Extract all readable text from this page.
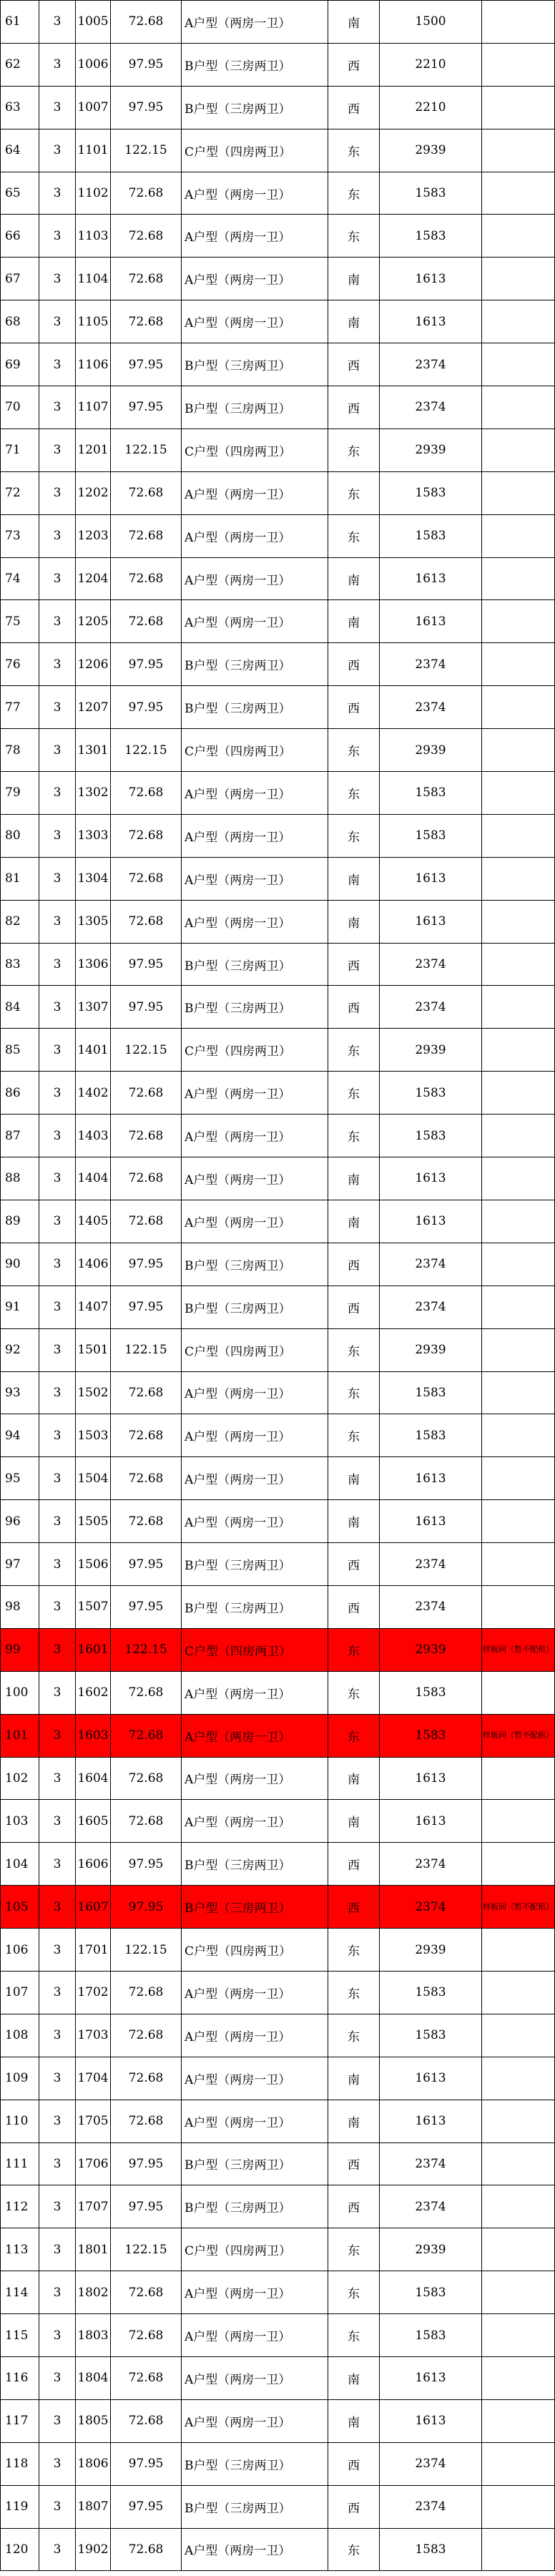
61	3	1005	72.68	A户型（两房一卫）	南	1500	
62	3	1006	97.95	B户型（三房两卫）	西	2210	
63	3	1007	97.95	B户型（三房两卫）	西	2210	
64	3	1101	122.15	C户型（四房两卫）	东	2939	
65	3	1102	72.68	A户型（两房一卫）	东	1583	
66	3	1103	72.68	A户型（两房一卫）	东	1583	
67	3	1104	72.68	A户型（两房一卫）	南	1613	
68	3	1105	72.68	A户型（两房一卫）	南	1613	
69	3	1106	97.95	B户型（三房两卫）	西	2374	
70	3	1107	97.95	B户型（三房两卫）	西	2374	
71	3	1201	122.15	C户型（四房两卫）	东	2939	
72	3	1202	72.68	A户型（两房一卫）	东	1583	
73	3	1203	72.68	A户型（两房一卫）	东	1583	
74	3	1204	72.68	A户型（两房一卫）	南	1613	
75	3	1205	72.68	A户型（两房一卫）	南	1613	
76	3	1206	97.95	B户型（三房两卫）	西	2374	
77	3	1207	97.95	B户型（三房两卫）	西	2374	
78	3	1301	122.15	C户型（四房两卫）	东	2939	
79	3	1302	72.68	A户型（两房一卫）	东	1583	
80	3	1303	72.68	A户型（两房一卫）	东	1583	
81	3	1304	72.68	A户型（两房一卫）	南	1613	
82	3	1305	72.68	A户型（两房一卫）	南	1613	
83	3	1306	97.95	B户型（三房两卫）	西	2374	
84	3	1307	97.95	B户型（三房两卫）	西	2374	
85	3	1401	122.15	C户型（四房两卫）	东	2939	
86	3	1402	72.68	A户型（两房一卫）	东	1583	
87	3	1403	72.68	A户型（两房一卫）	东	1583	
88	3	1404	72.68	A户型（两房一卫）	南	1613	
89	3	1405	72.68	A户型（两房一卫）	南	1613	
90	3	1406	97.95	B户型（三房两卫）	西	2374	
91	3	1407	97.95	B户型（三房两卫）	西	2374	
92	3	1501	122.15	C户型（四房两卫）	东	2939	
93	3	1502	72.68	A户型（两房一卫）	东	1583	
94	3	1503	72.68	A户型（两房一卫）	东	1583	
95	3	1504	72.68	A户型（两房一卫）	南	1613	
96	3	1505	72.68	A户型（两房一卫）	南	1613	
97	3	1506	97.95	B户型（三房两卫）	西	2374	
98	3	1507	97.95	B户型（三房两卫）	西	2374	
99	3	1601	122.15	C户型（四房两卫）	东	2939	样板间（暂不配租）
100	3	1602	72.68	A户型（两房一卫）	东	1583	
101	3	1603	72.68	A户型（两房一卫）	东	1583	样板间（暂不配租）
102	3	1604	72.68	A户型（两房一卫）	南	1613	
103	3	1605	72.68	A户型（两房一卫）	南	1613	
104	3	1606	97.95	B户型（三房两卫）	西	2374	
105	3	1607	97.95	B户型（三房两卫）	西	2374	样板间（暂不配租）
106	3	1701	122.15	C户型（四房两卫）	东	2939	
107	3	1702	72.68	A户型（两房一卫）	东	1583	
108	3	1703	72.68	A户型（两房一卫）	东	1583	
109	3	1704	72.68	A户型（两房一卫）	南	1613	
110	3	1705	72.68	A户型（两房一卫）	南	1613	
111	3	1706	97.95	B户型（三房两卫）	西	2374	
112	3	1707	97.95	B户型（三房两卫）	西	2374	
113	3	1801	122.15	C户型（四房两卫）	东	2939	
114	3	1802	72.68	A户型（两房一卫）	东	1583	
115	3	1803	72.68	A户型（两房一卫）	东	1583	
116	3	1804	72.68	A户型（两房一卫）	南	1613	
117	3	1805	72.68	A户型（两房一卫）	南	1613	
118	3	1806	97.95	B户型（三房两卫）	西	2374	
119	3	1807	97.95	B户型（三房两卫）	西	2374	
120	3	1902	72.68	A户型（两房一卫）	东	1583	
